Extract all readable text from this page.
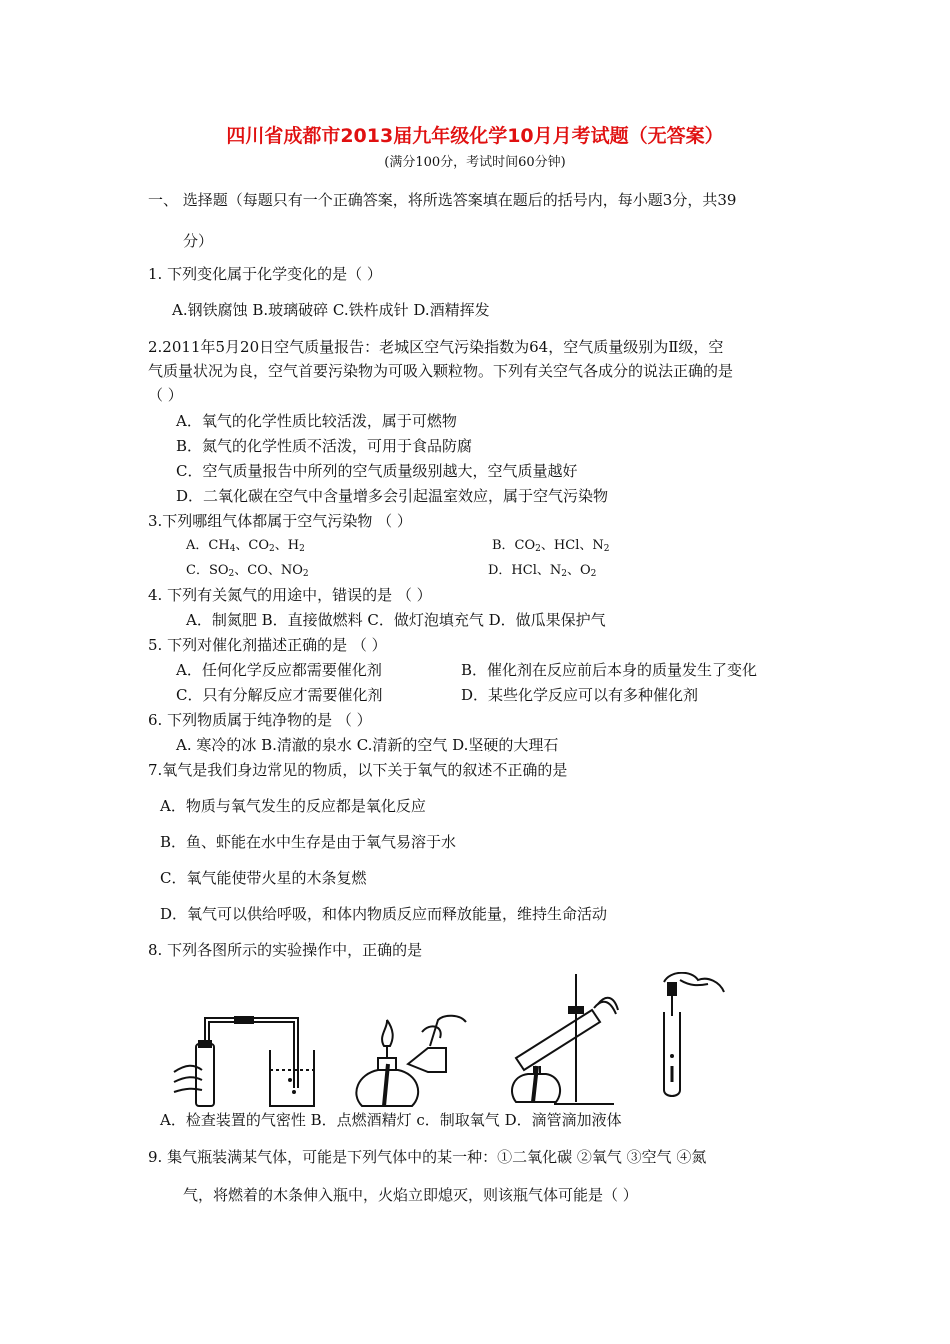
四川省成都市2013届九年级化学10月月考试题（无答案）
(满分100分，考试时间60分钟)
一、 选择题（每题只有一个正确答案，将所选答案填在题后的括号内，每小题3分，共39
分）
1. 下列变化属于化学变化的是（ ）
A.钢铁腐蚀 B.玻璃破碎 C.铁杵成针 D.酒精挥发
2.2011年5月20日空气质量报告：老城区空气污染指数为64，空气质量级别为Ⅱ级，空
气质量状况为良，空气首要污染物为可吸入颗粒物。下列有关空气各成分的说法正确的是
（ ）
A．氧气的化学性质比较活泼，属于可燃物
B．氮气的化学性质不活泼，可用于食品防腐
C．空气质量报告中所列的空气质量级别越大，空气质量越好
D．二氧化碳在空气中含量增多会引起温室效应，属于空气污染物
3.下列哪组气体都属于空气污染物 （ ）
A．$CH_4$、$CO_2$、$H_2$	B．$CO_2$、HCl、$N_2$
C．$SO_2$、CO、$NO_2$	D．HCl、$N_2$、$O_2$
4. 下列有关氮气的用途中，错误的是 （ ）
A．制氮肥 B．直接做燃料 C．做灯泡填充气 D．做瓜果保护气
5. 下列对催化剂描述正确的是 （ ）
A．任何化学反应都需要催化剂	B．催化剂在反应前后本身的质量发生了变化
C．只有分解反应才需要催化剂	D．某些化学反应可以有多种催化剂
6. 下列物质属于纯净物的是 （ ）
A. 寒冷的冰 B.清澈的泉水 C.清新的空气 D.坚硬的大理石
7.氧气是我们身边常见的物质，以下关于氧气的叙述不正确的是
A．物质与氧气发生的反应都是氧化反应
B．鱼、虾能在水中生存是由于氧气易溶于水
C．氧气能使带火星的木条复燃
D．氧气可以供给呼吸，和体内物质反应而释放能量，维持生命活动
8. 下列各图所示的实验操作中，正确的是
A．检查装置的气密性 B．点燃酒精灯 c．制取氧气 D．滴管滴加液体
9. 集气瓶装满某气体，可能是下列气体中的某一种：①二氧化碳 ②氧气 ③空气 ④氮
气，将燃着的木条伸入瓶中，火焰立即熄灭，则该瓶气体可能是（ ）
